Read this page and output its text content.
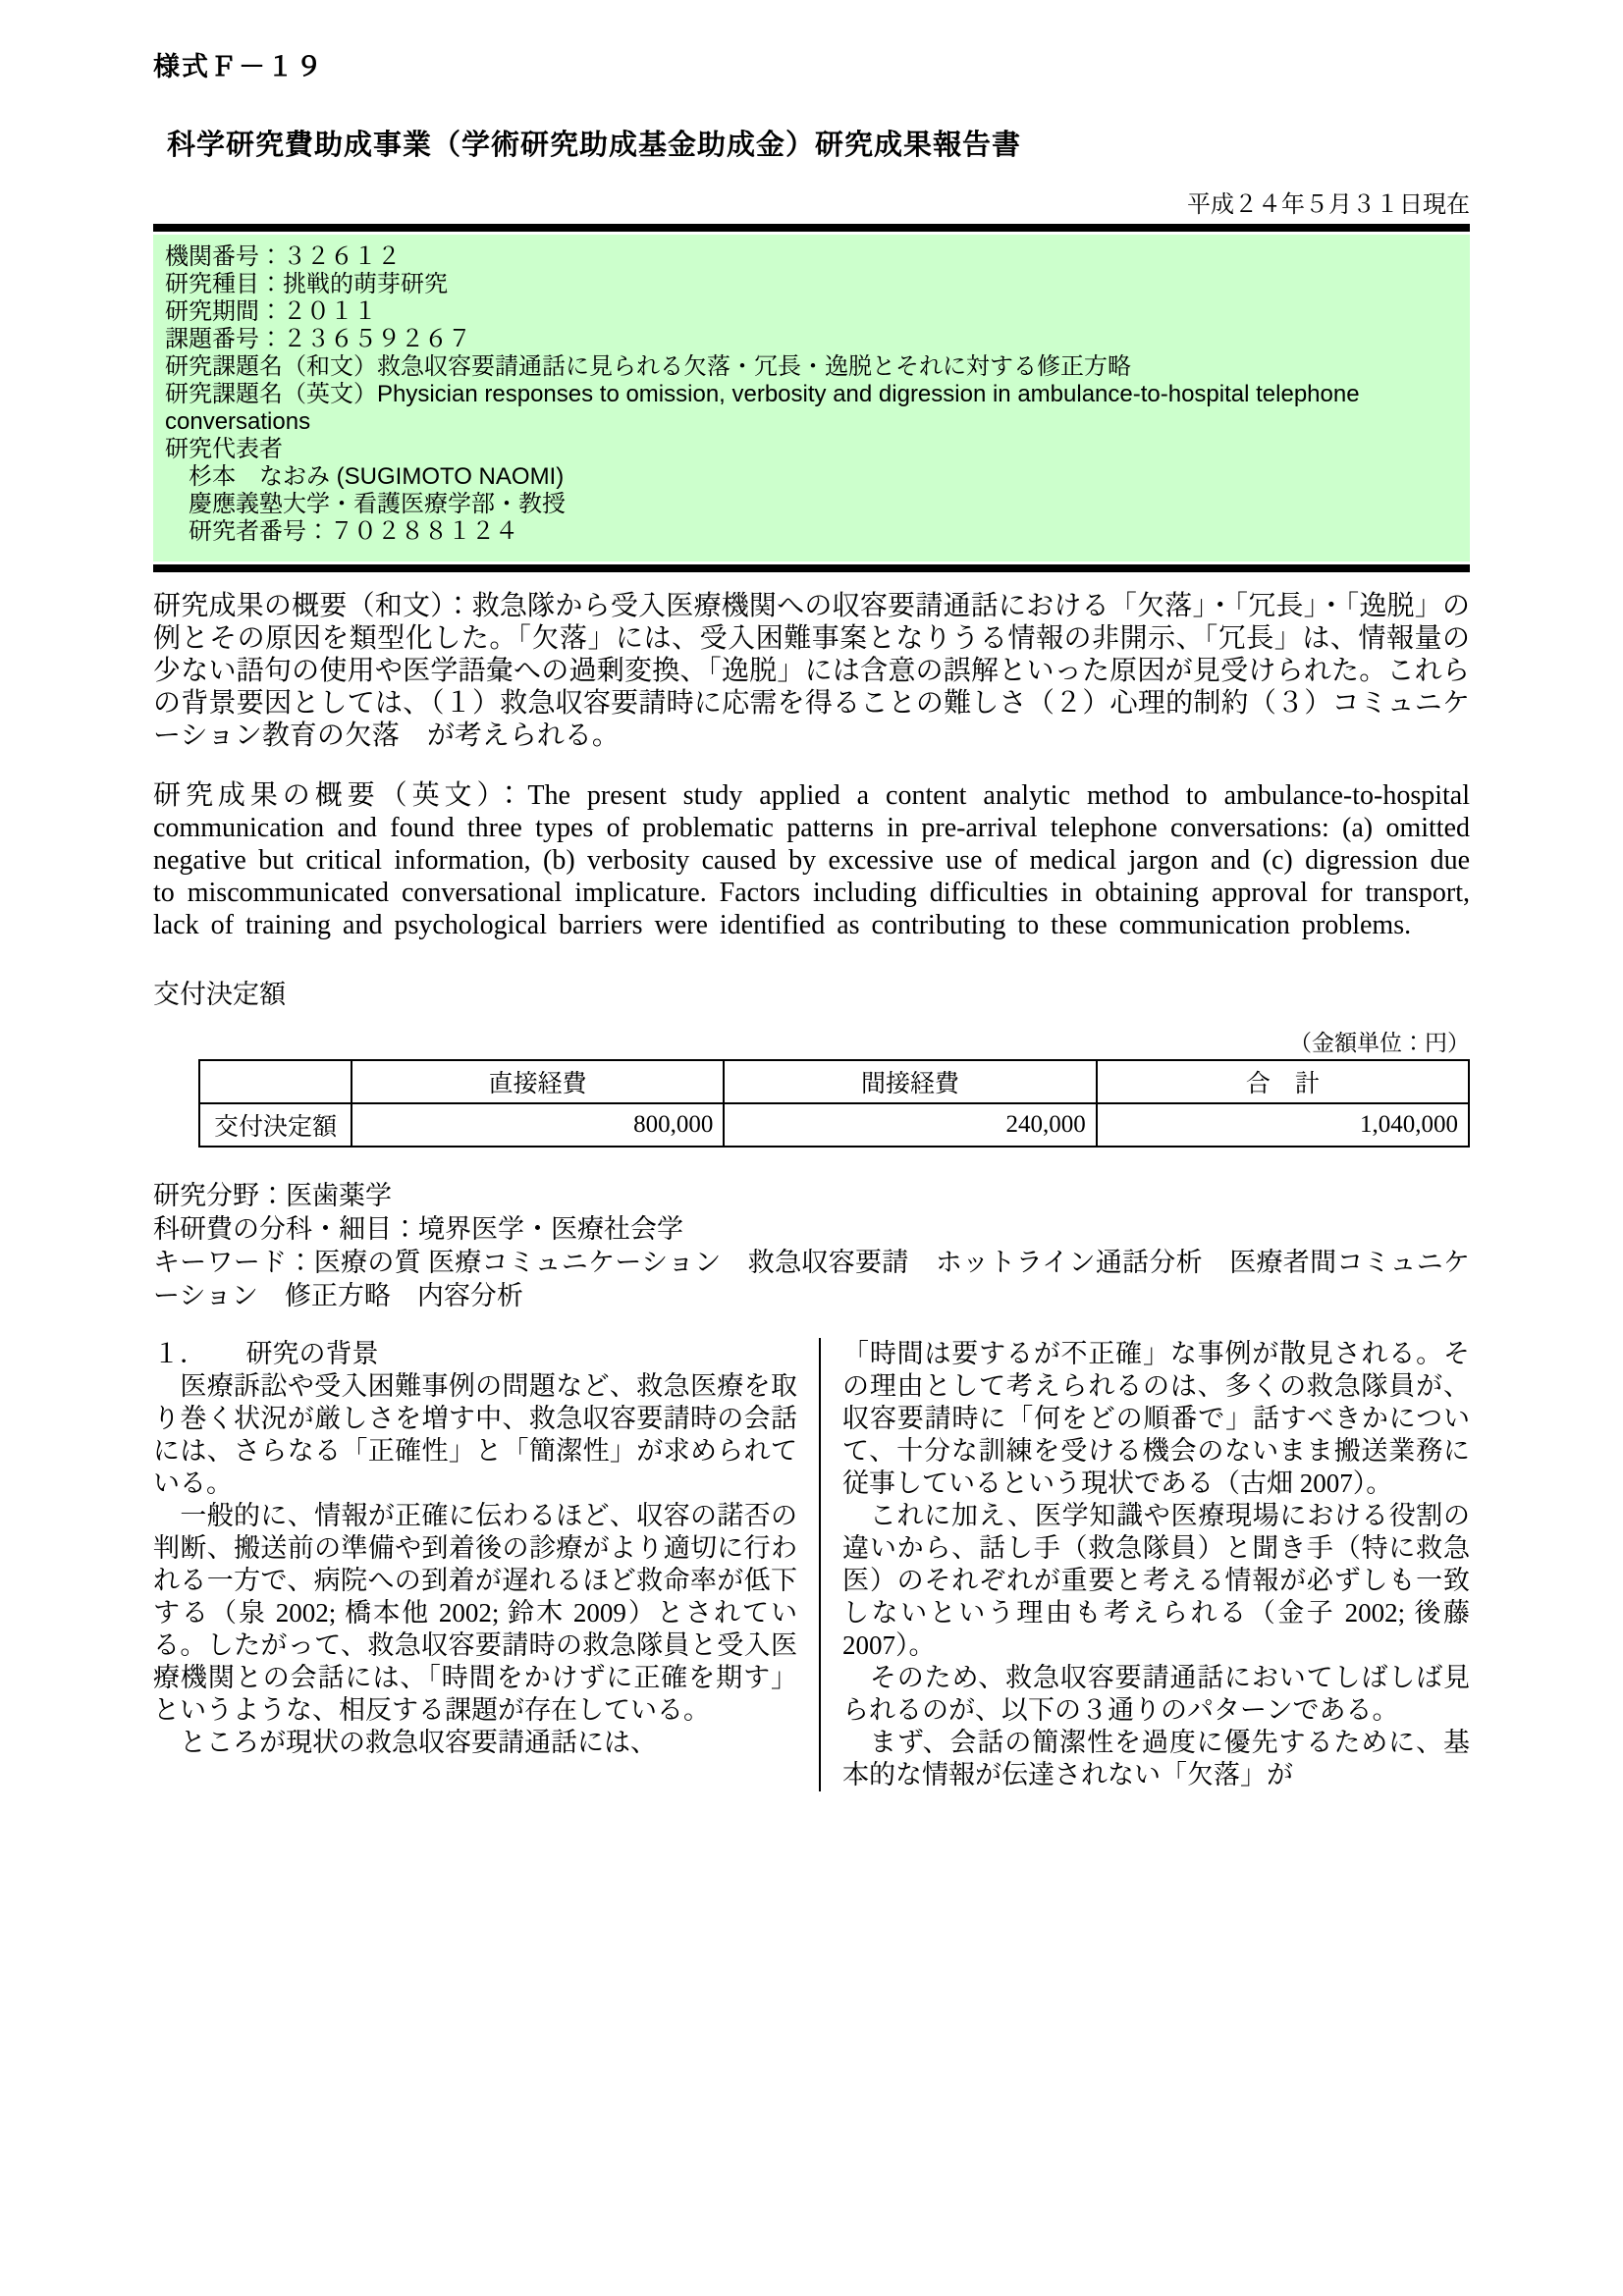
様式Ｆ－１９
科学研究費助成事業（学術研究助成基金助成金）研究成果報告書
平成２４年５月３１日現在
機関番号：３２６１２
研究種目：挑戦的萌芽研究
研究期間：２０１１
課題番号：２３６５９２６７
研究課題名（和文）救急収容要請通話に見られる欠落・冗長・逸脱とそれに対する修正方略
研究課題名（英文）Physician responses to omission, verbosity and digression in ambulance-to-hospital telephone conversations
研究代表者
　杉本　なおみ (SUGIMOTO NAOMI)
　慶應義塾大学・看護医療学部・教授
　研究者番号：７０２８８１２４

研究成果の概要（和文）：救急隊から受入医療機関への収容要請通話における「欠落」・「冗長」・「逸脱」の例とその原因を類型化した。「欠落」には、受入困難事案となりうる情報の非開示、「冗長」は、情報量の少ない語句の使用や医学語彙への過剰変換、「逸脱」には含意の誤解といった原因が見受けられた。これらの背景要因としては、（１）救急収容要請時に応需を得ることの難しさ（２）心理的制約（３）コミュニケーション教育の欠落　が考えられる。

研究成果の概要（英文）：The present study applied a content analytic method to ambulance-to-hospital communication and found three types of problematic patterns in pre-arrival telephone conversations: (a) omitted negative but critical information, (b) verbosity caused by excessive use of medical jargon and (c) digression due to miscommunicated conversational implicature. Factors including difficulties in obtaining approval for transport, lack of training and psychological barriers were identified as contributing to these communication problems.

交付決定額
（金額単位：円）
	直接経費	間接経費	合　計
交付決定額	800,000	240,000	1,040,000
研究分野：医歯薬学
科研費の分科・細目：境界医学・医療社会学
キーワード：医療の質 医療コミュニケーション　救急収容要請　ホットライン通話分析　医療者間コミュニケーション　修正方略　内容分析

１．　　研究の背景

　医療訴訟や受入困難事例の問題など、救急医療を取り巻く状況が厳しさを増す中、救急収容要請時の会話には、さらなる「正確性」と「簡潔性」が求められている。

　一般的に、情報が正確に伝わるほど、収容の諾否の判断、搬送前の準備や到着後の診療がより適切に行われる一方で、病院への到着が遅れるほど救命率が低下する（泉 2002; 橋本他 2002; 鈴木 2009）とされている。したがって、救急収容要請時の救急隊員と受入医療機関との会話には、「時間をかけずに正確を期す」というような、相反する課題が存在している。

　ところが現状の救急収容要請通話には、

「時間は要するが不正確」な事例が散見される。その理由として考えられるのは、多くの救急隊員が、収容要請時に「何をどの順番で」話すべきかについて、十分な訓練を受ける機会のないまま搬送業務に従事しているという現状である（古畑 2007）。

　これに加え、医学知識や医療現場における役割の違いから、話し手（救急隊員）と聞き手（特に救急医）のそれぞれが重要と考える情報が必ずしも一致しないという理由も考えられる（金子 2002; 後藤 2007）。

　そのため、救急収容要請通話においてしばしば見られるのが、以下の３通りのパターンである。

　まず、会話の簡潔性を過度に優先するために、基本的な情報が伝達されない「欠落」が
